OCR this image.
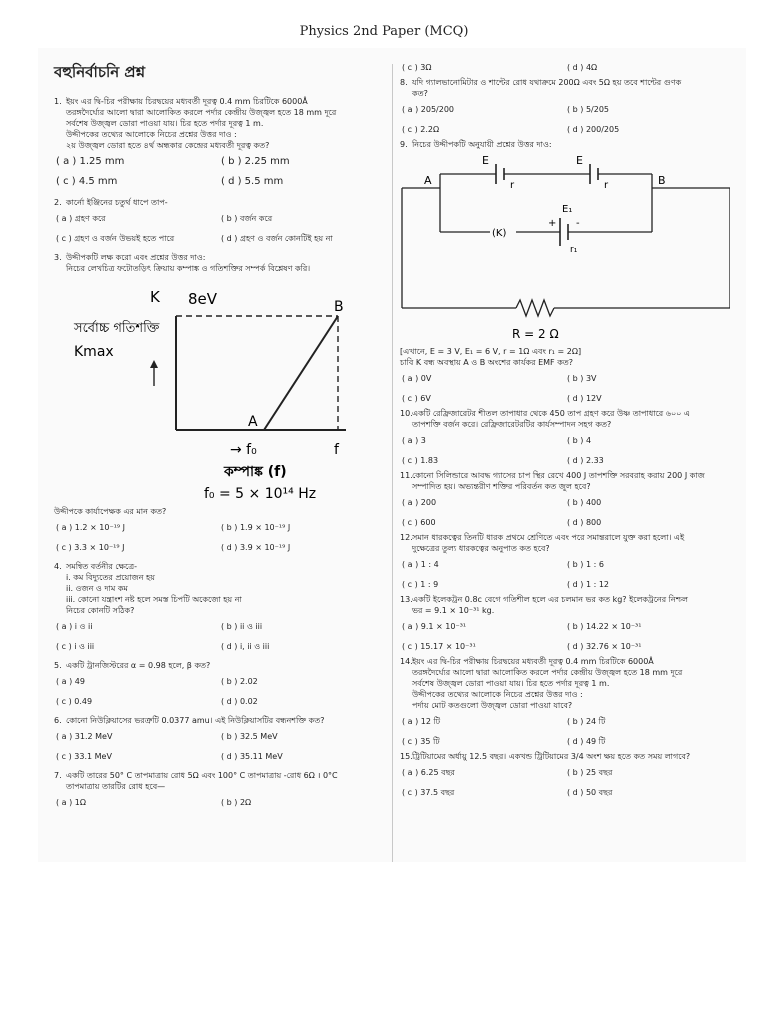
Physics 2nd Paper (MCQ)
বহুনির্বাচনি প্রশ্ন
1. ইয়ং এর দ্বি-চির পরীক্ষায় চিরদ্বয়ের মধ্যবর্তী দূরত্ব 0.4 mm চিরটিকে 6000Å
তরঙ্গদৈর্ঘ্যের আলো দ্বারা আলোকিত করলে পর্দার কেন্দ্রীয় উজ্জ্বল হতে 18 mm দূরে
সর্বশেষ উজ্জ্বল ডোরা পাওয়া যায়। চির হতে পর্দার দূরত্ব 1 m.
উদ্দীপকের তথ্যের আলোকে নিচের প্রশ্নের উত্তর দাও :
২য় উজ্জ্বল ডোরা হতে ৪র্থ অন্ধকার কেন্দ্রের মধ্যবর্তী দূরত্ব কত?
( a ) 1.25 mm	( b ) 2.25 mm
( c ) 4.5 mm	( d ) 5.5 mm
2. কার্নো ইঞ্জিনের চতুর্থ ধাপে তাপ-
( a ) গ্রহণ করে	( b ) বর্জন করে
( c ) গ্রহণ ও বর্জন উভয়ই হতে পারে	( d ) গ্রহণ ও বর্জন কোনটিই হয় না
3. উদ্দীপকটি লক্ষ করো এবং প্রশ্নের উত্তর দাও:
নিচের লেখচিত্র ফটোতড়িৎ ক্রিয়ায় কম্পাঙ্ক ও গতিশক্তির সম্পর্ক বিশ্লেষণ করি।
K 8eV	B
A
সর্বোচ্চ গতিশক্তি
Kmax
→ f₀	f
কম্পাঙ্ক (f)
f₀ = 5 × 10¹⁴ Hz
উদ্দীপকে কার্যাপেক্ষক এর মান কত?
( a ) 1.2 × 10⁻¹⁹ J	( b ) 1.9 × 10⁻¹⁹ J
( c ) 3.3 × 10⁻¹⁹ J	( d ) 3.9 × 10⁻¹⁹ J
4. সমন্বিত বর্তনীর ক্ষেত্রে-
i. কম বিদ্যুতের প্রয়োজন হয়
ii. ওজন ও দাম কম
iii. কোনো যন্ত্রাংশ নষ্ট হলে সমস্ত চিপটি অকেজো হয় না
নিচের কোনটি সঠিক?
( a ) i ও ii	( b ) ii ও iii
( c ) i ও iii	( d ) i, ii ও iii
5. একটি ট্রানজিস্টরের α = 0.98 হলে, β কত?
( a ) 49	( b ) 2.02
( c ) 0.49	( d ) 0.02
6. কোনো নিউক্লিয়াসের ভরত্রুটি 0.0377 amu। এই নিউক্লিয়াসটির বন্ধনশক্তি কত?
( a ) 31.2 MeV	( b ) 32.5 MeV
( c ) 33.1 MeV	( d ) 35.11 MeV
7. একটি তারের 50° C তাপমাত্রায় রোধ 5Ω এবং 100° C তাপমাত্রায় -রোধ 6Ω । 0°C
তাপমাত্রায় তারটির রোধ হবে—
( a ) 1Ω	( b ) 2Ω
( c ) 3Ω	( d ) 4Ω
8. যদি গ্যালভানোমিটার ও শান্টের রোধ যথাক্রমে 200Ω এবং 5Ω হয় তবে শান্টের গুণক
কত?
( a ) 205/200	( b ) 5/205
( c ) 2.2Ω	( d ) 200/205
9. নিচের উদ্দীপকটি অনুযায়ী প্রশ্নের উত্তর দাও:
E
r
E
r
A	B
E₁
r₁
(K)
+ -
R = 2 Ω
[এখানে, E = 3 V, E₁ = 6 V, r = 1Ω এবং r₁ = 2Ω]
চাবি K বন্ধ অবস্থায় A ও B অংশের কার্যকর EMF কত?
( a ) 0V	( b ) 3V
( c ) 6V	( d ) 12V
10. একটি রেফ্রিজারেটর শীতল তাপাধার থেকে 450 তাপ গ্রহণ করে উষ্ণ তাপাধারে ৬০০ এ
তাপশক্তি বর্জন করে। রেফ্রিজারেটরটির কার্যসম্পাদন সহগ কত?
( a ) 3	( b ) 4
( c ) 1.83	( d ) 2.33
11. কোনো সিলিন্ডারে আবদ্ধ গ্যাসের চাপ স্থির রেখে 400 J তাপশক্তি সরবরাহ করায় 200 J কাজ
সম্পাদিত হয়। অভ্যন্তরীণ শক্তির পরিবর্তন কত জুল হবে?
( a ) 200	( b ) 400
( c ) 600	( d ) 800
12. সমান ধারকত্বের তিনটি ধারক প্রথমে শ্রেণিতে এবং পরে সমান্তরালে যুক্ত করা হলো। এই
দুক্ষেত্রের তুল্য ধারকত্বের অনুপাত কত হবে?
( a ) 1 : 4	( b ) 1 : 6
( c ) 1 : 9	( d ) 1 : 12
13. একটি ইলেকট্রন 0.8c বেগে গতিশীল হলে এর চলমান ভর কত kg? ইলেকট্রনের নিশ্চল
ভর = 9.1 × 10⁻³¹ kg.
( a ) 9.1 × 10⁻³¹	( b ) 14.22 × 10⁻³¹
( c ) 15.17 × 10⁻³¹	( d ) 32.76 × 10⁻³¹
14. ইয়ং এর দ্বি-চির পরীক্ষায় চিরদ্বয়ের মধ্যবর্তী দূরত্ব 0.4 mm চিরটিকে 6000Å
তরঙ্গদৈর্ঘ্যের আলো দ্বারা আলোকিত করলে পর্দার কেন্দ্রীয় উজ্জ্বল হতে 18 mm দূরে
সর্বশেষ উজ্জ্বল ডোরা পাওয়া যায়। চির হতে পর্দার দূরত্ব 1 m.
উদ্দীপকের তথ্যের আলোকে নিচের প্রশ্নের উত্তর দাও :
পর্দায় মোট কতগুলো উজ্জ্বল ডোরা পাওয়া যাবে?
( a ) 12 টি	( b ) 24 টি
( c ) 35 টি	( d ) 49 টি
15. ট্রিটিয়ামের অর্ধায়ু 12.5 বছর। একখন্ড ট্রিটিয়ামের 3/4 অংশ ক্ষয় হতে কত সময় লাগবে?
( a ) 6.25 বছর	( b ) 25 বছর
( c ) 37.5 বছর	( d ) 50 বছর
